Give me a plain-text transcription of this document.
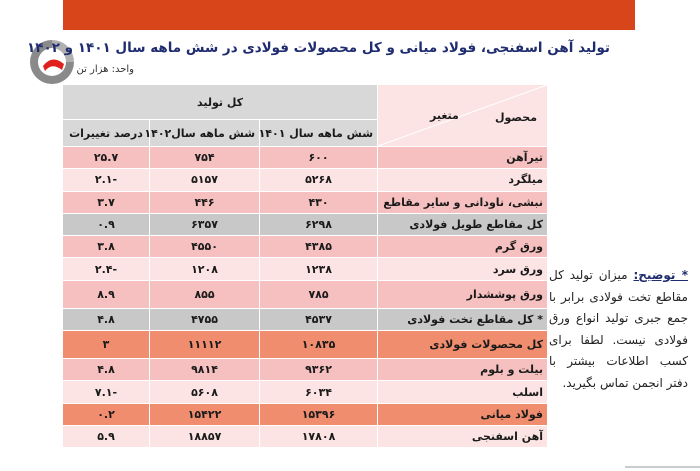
تولید آهن اسفنجی، فولاد میانی و کل محصولات فولادی در شش ماهه سال ۱۴۰۱ و ۱۴۰۲
واحد: هزار تن
محصول
متغیر	کل تولید		
	شش ماهه سال ۱۴۰۱	شش ماهه سال۱۴۰۲	درصد تغییرات
تیرآهن	۶۰۰	۷۵۴	۲۵.۷
میلگرد	۵۲۶۸	۵۱۵۷	-۲.۱
نبشی، ناودانی و سایر مقاطع	۴۳۰	۴۴۶	۳.۷
کل مقاطع طویل فولادی	۶۲۹۸	۶۳۵۷	۰.۹
ورق گرم	۴۳۸۵	۴۵۵۰	۳.۸
ورق سرد	۱۲۳۸	۱۲۰۸	-۲.۴
ورق پوششدار	۷۸۵	۸۵۵	۸.۹
* کل مقاطع تخت فولادی	۴۵۳۷	۴۷۵۵	۴.۸
کل محصولات فولادی	۱۰۸۳۵	۱۱۱۱۲	۳
بیلت و بلوم	۹۳۶۲	۹۸۱۴	۴.۸
اسلب	۶۰۳۴	۵۶۰۸	-۷.۱
فولاد میانی	۱۵۳۹۶	۱۵۴۲۲	۰.۲
آهن اسفنجی	۱۷۸۰۸	۱۸۸۵۷	۵.۹
* توضیح: میزان تولید کل مقاطع تخت فولادی برابر با جمع جبری تولید انواع ورق فولادی نیست. لطفا برای کسب اطلاعات بیشتر با دفتر انجمن تماس بگیرید.
